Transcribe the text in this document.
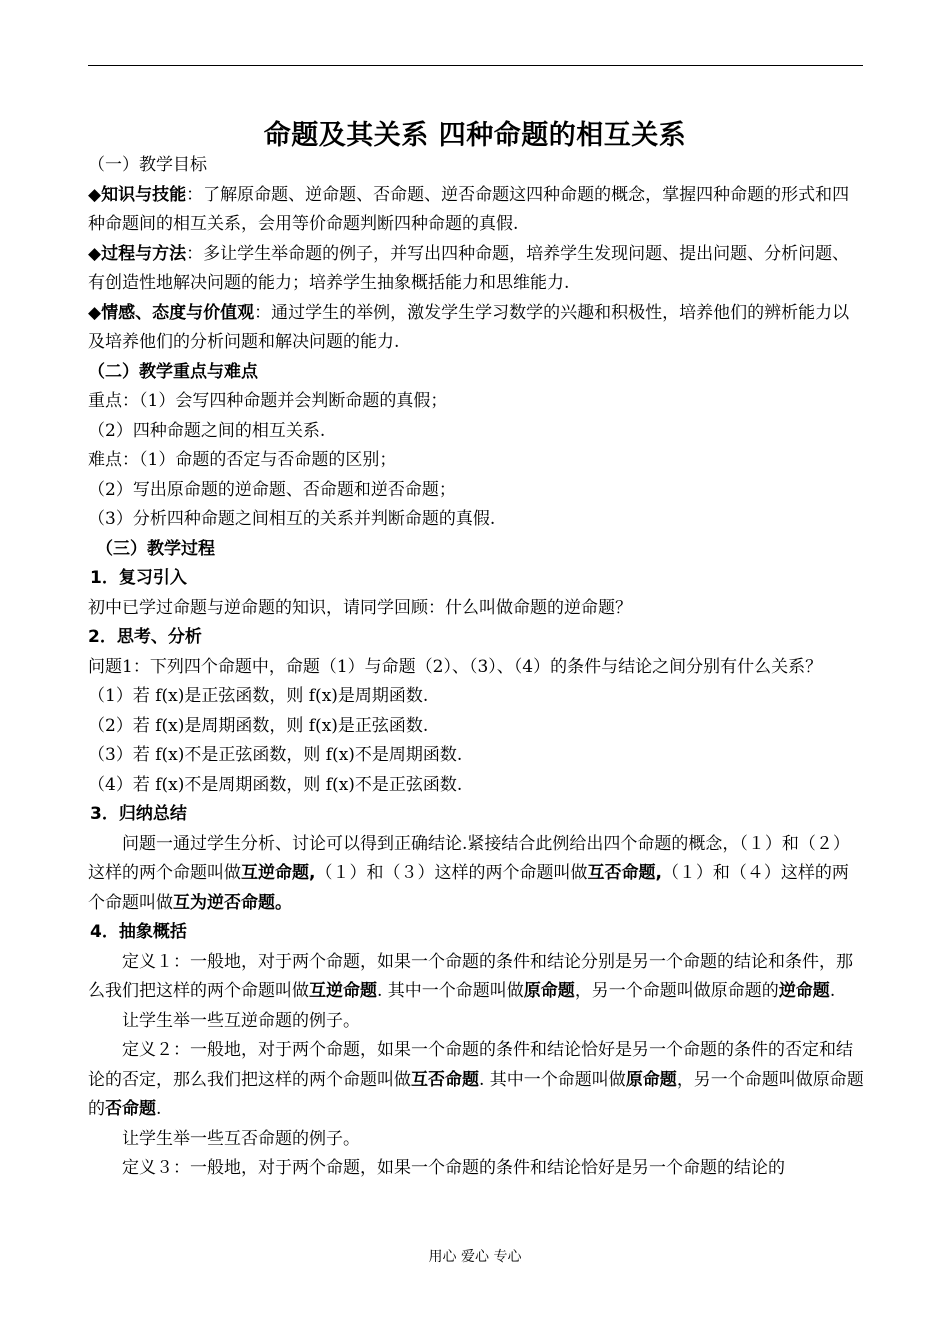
命题及其关系 四种命题的相互关系

（一）教学目标

◆知识与技能：了解原命题、逆命题、否命题、逆否命题这四种命题的概念，掌握四种命题的形式和四种命题间的相互关系，会用等价命题判断四种命题的真假.

◆过程与方法：多让学生举命题的例子，并写出四种命题，培养学生发现问题、提出问题、分析问题、有创造性地解决问题的能力；培养学生抽象概括能力和思维能力.

◆情感、态度与价值观：通过学生的举例，激发学生学习数学的兴趣和积极性，培养他们的辨析能力以及培养他们的分析问题和解决问题的能力.

（二）教学重点与难点

重点：（1）会写四种命题并会判断命题的真假；

（2）四种命题之间的相互关系.

难点：（1）命题的否定与否命题的区别；

（2）写出原命题的逆命题、否命题和逆否命题；

（3）分析四种命题之间相互的关系并判断命题的真假.

（三）教学过程

1．复习引入

初中已学过命题与逆命题的知识，请同学回顾：什么叫做命题的逆命题？

2．思考、分析

问题1：下列四个命题中，命题（1）与命题（2）、（3）、（4）的条件与结论之间分别有什么关系？

（1）若 f(x)是正弦函数，则 f(x)是周期函数.

（2）若 f(x)是周期函数，则 f(x)是正弦函数.

（3）若 f(x)不是正弦函数，则 f(x)不是周期函数.

（4）若 f(x)不是周期函数，则 f(x)不是正弦函数.

3．归纳总结

问题一通过学生分析、讨论可以得到正确结论.紧接结合此例给出四个命题的概念，（１）和（２）这样的两个命题叫做互逆命题,（１）和（３）这样的两个命题叫做互否命题,（１）和（４）这样的两个命题叫做互为逆否命题。

4．抽象概括

定义１：一般地，对于两个命题，如果一个命题的条件和结论分别是另一个命题的结论和条件，那么我们把这样的两个命题叫做互逆命题. 其中一个命题叫做原命题，另一个命题叫做原命题的逆命题.

让学生举一些互逆命题的例子。

定义２：一般地，对于两个命题，如果一个命题的条件和结论恰好是另一个命题的条件的否定和结论的否定，那么我们把这样的两个命题叫做互否命题. 其中一个命题叫做原命题，另一个命题叫做原命题的否命题.

让学生举一些互否命题的例子。

定义３：一般地，对于两个命题，如果一个命题的条件和结论恰好是另一个命题的结论的

用心 爱心 专心
